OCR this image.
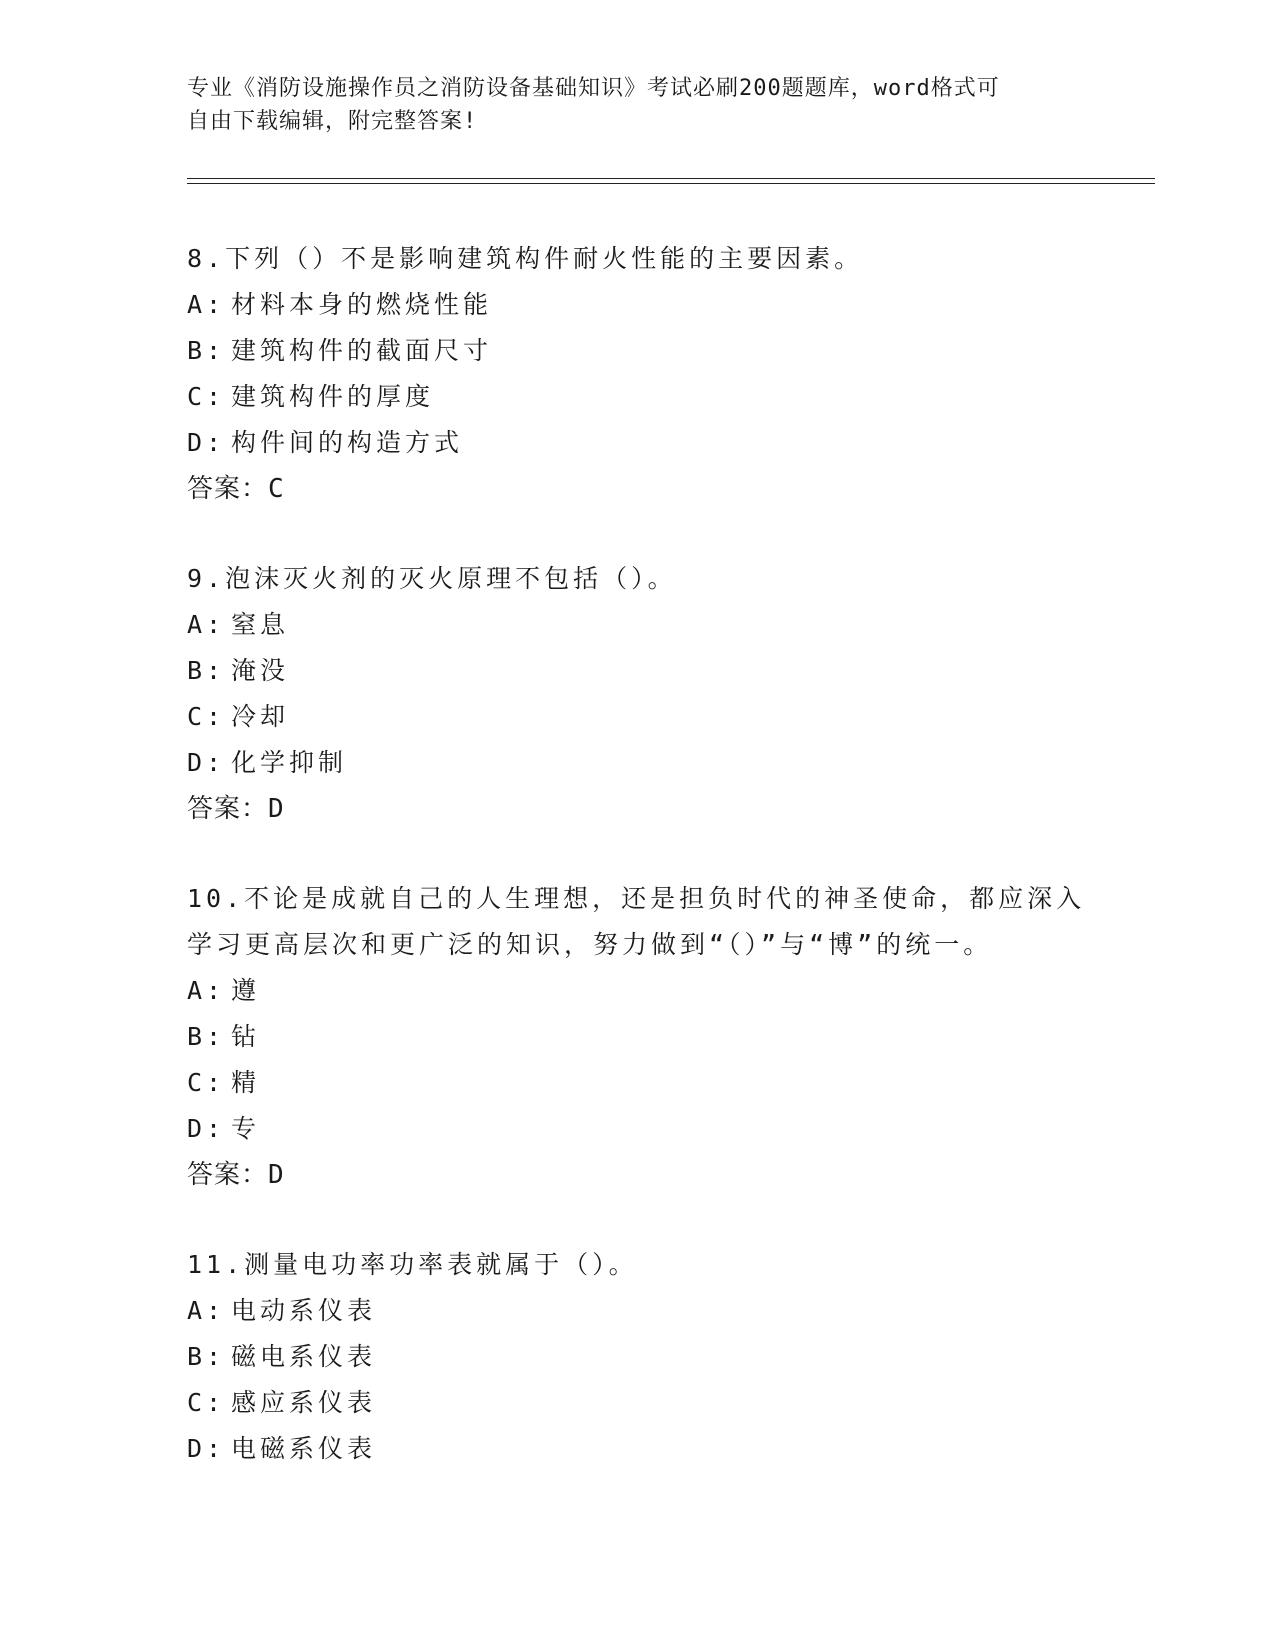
专业《消防设施操作员之消防设备基础知识》考试必刷200题题库，word格式可
自由下载编辑，附完整答案!
8.下列（）不是影响建筑构件耐火性能的主要因素。
A: 材料本身的燃烧性能
B: 建筑构件的截面尺寸
C: 建筑构件的厚度
D: 构件间的构造方式
答案：C
9.泡沫灭火剂的灭火原理不包括（）。
A: 窒息
B: 淹没
C: 冷却
D: 化学抑制
答案：D
10.不论是成就自己的人生理想，还是担负时代的神圣使命，都应深入学习更高层次和更广泛的知识，努力做到“（）”与“博”的统一。
A: 遵
B: 钻
C: 精
D: 专
答案：D
11.测量电功率功率表就属于（）。
A: 电动系仪表
B: 磁电系仪表
C: 感应系仪表
D: 电磁系仪表
